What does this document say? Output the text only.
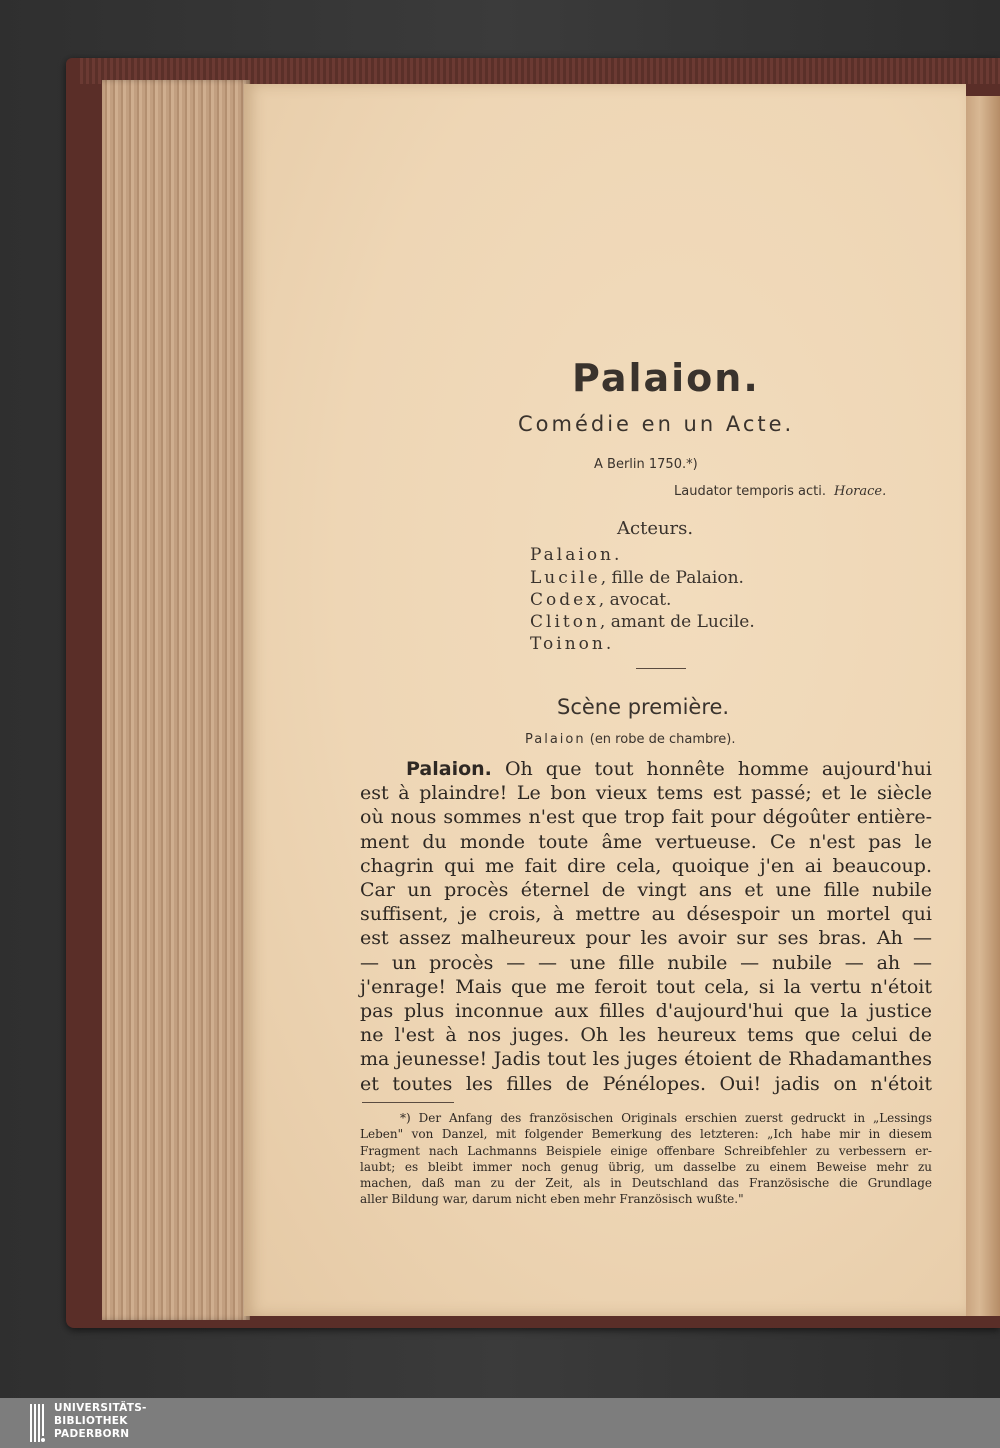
Palaion.
Comédie en un Acte.
A Berlin 1750.*)
Laudator temporis acti. Horace.
Acteurs.
Palaion.
Lucile, fille de Palaion.
Codex, avocat.
Cliton, amant de Lucile.
Toinon.
Scène première.
Palaion (en robe de chambre).
Palaion. Oh que tout honnête homme aujourd'hui
est à plaindre! Le bon vieux tems est passé; et le siècle
où nous sommes n'est que trop fait pour dégoûter entière-
ment du monde toute âme vertueuse. Ce n'est pas le
chagrin qui me fait dire cela, quoique j'en ai beaucoup.
Car un procès éternel de vingt ans et une fille nubile
suffisent, je crois, à mettre au désespoir un mortel qui
est assez malheureux pour les avoir sur ses bras. Ah —
— un procès — — une fille nubile — nubile — ah —
j'enrage! Mais que me feroit tout cela, si la vertu n'étoit
pas plus inconnue aux filles d'aujourd'hui que la justice
ne l'est à nos juges. Oh les heureux tems que celui de
ma jeunesse! Jadis tout les juges étoient de Rhadamanthes
et toutes les filles de Pénélopes. Oui! jadis on n'étoit
*) Der Anfang des französischen Originals erschien zuerst gedruckt in „Lessings
Leben" von Danzel, mit folgender Bemerkung des letzteren: „Ich habe mir in diesem
Fragment nach Lachmanns Beispiele einige offenbare Schreibfehler zu verbessern er-
laubt; es bleibt immer noch genug übrig, um dasselbe zu einem Beweise mehr zu
machen, daß man zu der Zeit, als in Deutschland das Französische die Grundlage
aller Bildung war, darum nicht eben mehr Französisch wußte."
UNIVERSITÄTS-
BIBLIOTHEK
PADERBORN
